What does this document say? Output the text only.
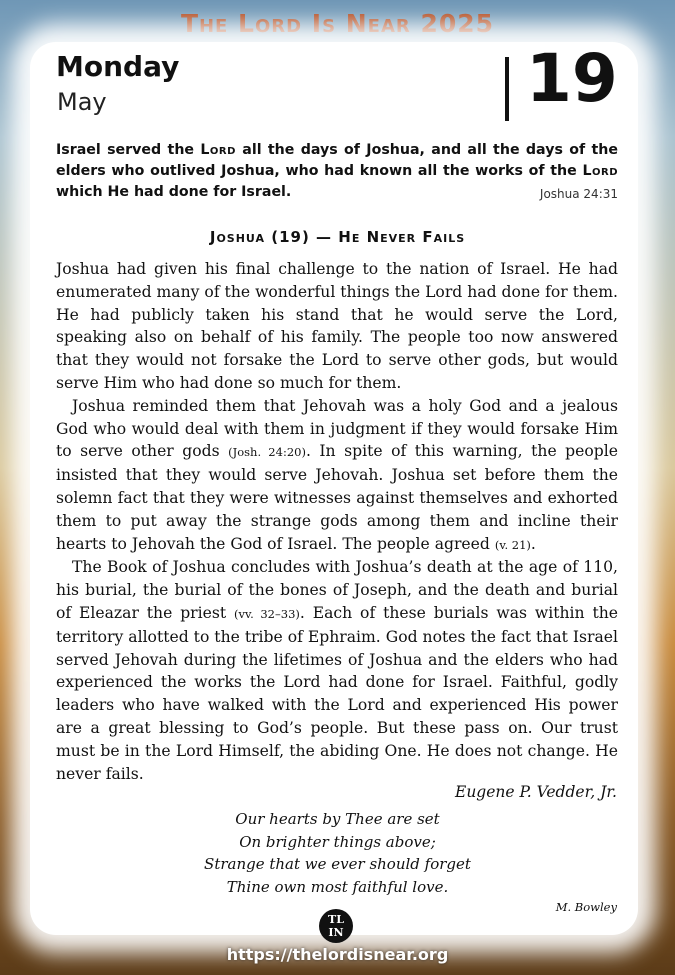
The Lord Is Near 2025
Monday
May	19
Israel served the Lord all the days of Joshua, and all the days of the elders who outlived Joshua, who had known all the works of the Lord which He had done for Israel.	Joshua 24:31
Joshua (19) — He Never Fails

Joshua had given his final challenge to the nation of Israel. He had enumerated many of the wonderful things the Lord had done for them. He had publicly taken his stand that he would serve the Lord, speaking also on behalf of his family. The people too now answered that they would not forsake the Lord to serve other gods, but would serve Him who had done so much for them.

Joshua reminded them that Jehovah was a holy God and a jealous God who would deal with them in judgment if they would forsake Him to serve other gods (Josh. 24:20). In spite of this warning, the people insisted that they would serve Jehovah. Joshua set before them the solemn fact that they were witnesses against themselves and exhorted them to put away the strange gods among them and incline their hearts to Jehovah the God of Israel. The people agreed (v. 21).

The Book of Joshua concludes with Joshua’s death at the age of 110, his burial, the burial of the bones of Joseph, and the death and burial of Eleazar the priest (vv. 32–33). Each of these burials was within the territory allotted to the tribe of Ephraim. God notes the fact that Israel served Jehovah during the lifetimes of Joshua and the elders who had experienced the works the Lord had done for Israel. Faithful, godly leaders who have walked with the Lord and experienced His power are a great blessing to God’s people. But these pass on. Our trust must be in the Lord Himself, the abiding One. He does not change. He never fails.

Eugene P. Vedder, Jr.
Our hearts by Thee are set
On brighter things above;
Strange that we ever should forget
Thine own most faithful love.
M. Bowley
TL
IN
https://thelordisnear.org
